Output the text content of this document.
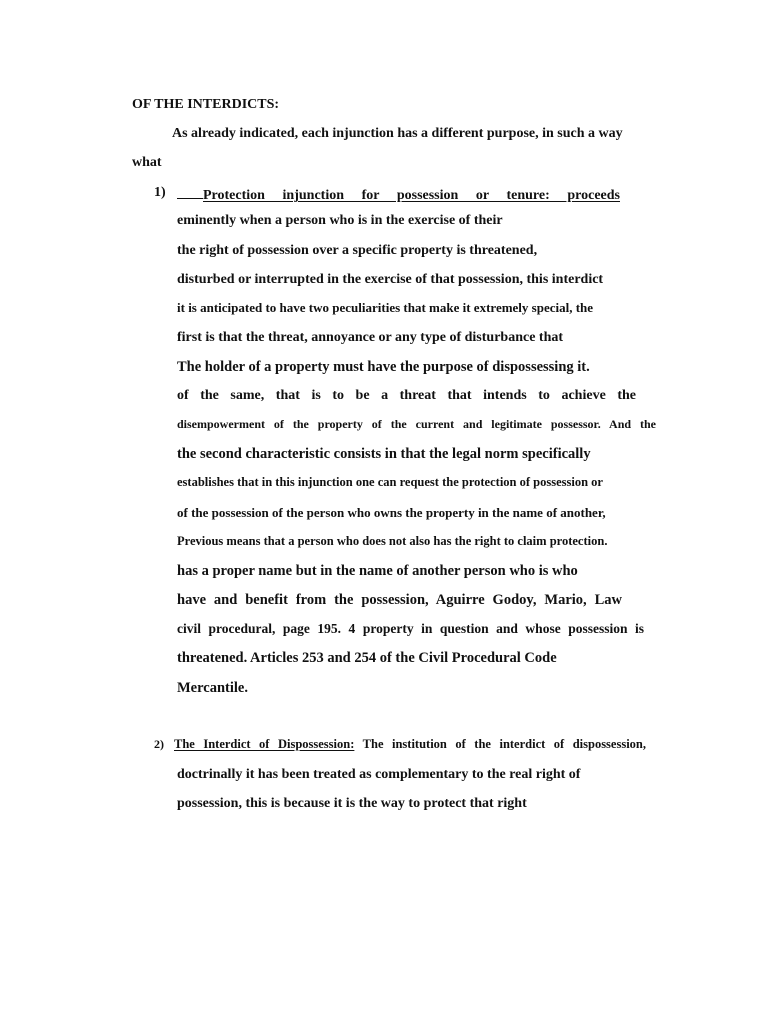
OF THE INTERDICTS:
As already indicated, each injunction has a different purpose, in such a way
what
1)	Protection injunction for possession or tenure: proceeds
eminently when a person who is in the exercise of their
the right of possession over a specific property is threatened,
disturbed or interrupted in the exercise of that possession, this interdict
it is anticipated to have two peculiarities that make it extremely special, the
first is that the threat, annoyance or any type of disturbance that
The holder of a property must have the purpose of dispossessing it.
of the same, that is to be a threat that intends to achieve the
disempowerment of the property of the current and legitimate possessor. And the
the second characteristic consists in that the legal norm specifically
establishes that in this injunction one can request the protection of possession or
of the possession of the person who owns the property in the name of another,
Previous means that a person who does not also has the right to claim protection.
has a proper name but in the name of another person who is who
have and benefit from the possession, Aguirre Godoy, Mario, Law
civil procedural, page 195. 4 property in question and whose possession is
threatened. Articles 253 and 254 of the Civil Procedural Code
Mercantile.
2) The Interdict of Dispossession: The institution of the interdict of dispossession,
doctrinally it has been treated as complementary to the real right of
possession, this is because it is the way to protect that right
